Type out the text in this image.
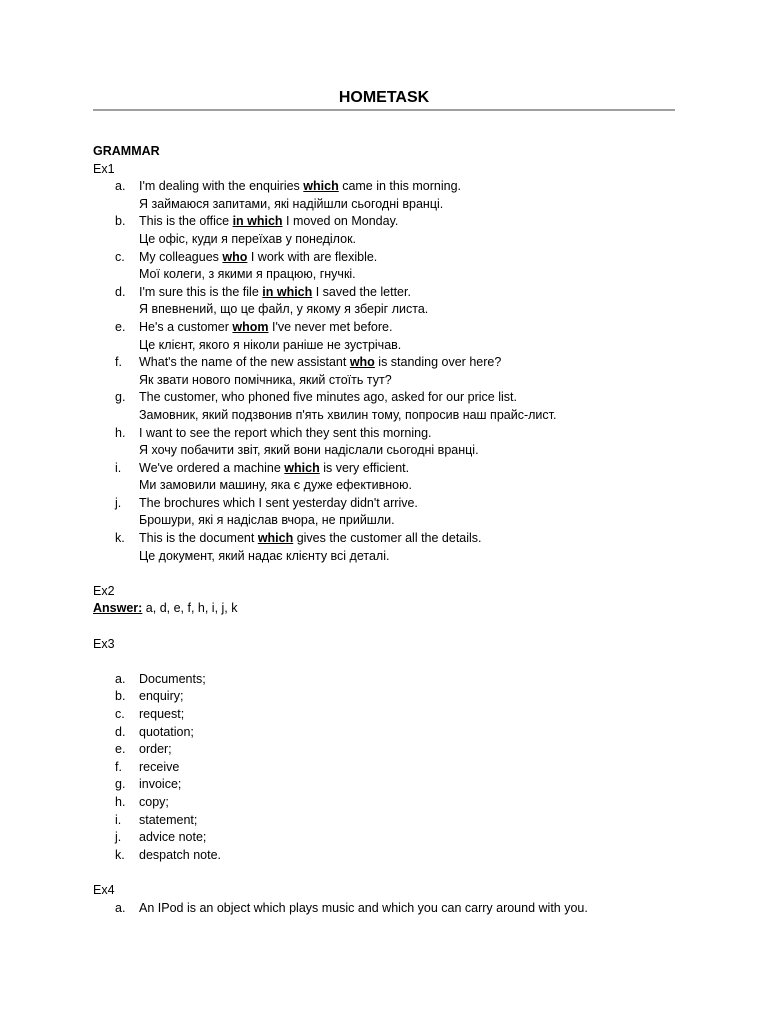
HOMETASK
GRAMMAR
Ex1
a. I'm dealing with the enquiries which came in this morning.
Я займаюся запитами, які надійшли сьогодні вранці.
b. This is the office in which I moved on Monday.
Це офіс, куди я переїхав у понеділок.
c. My colleagues who I work with are flexible.
Мої колеги, з якими я працюю, гнучкі.
d. I'm sure this is the file in which I saved the letter.
Я впевнений, що це файл, у якому я зберіг листа.
e. He's a customer whom I've never met before.
Це клієнт, якого я ніколи раніше не зустрічав.
f. What's the name of the new assistant who is standing over here?
Як звати нового помічника, який стоїть тут?
g. The customer, who phoned five minutes ago, asked for our price list.
Замовник, який подзвонив п'ять хвилин тому, попросив наш прайс-лист.
h. I want to see the report which they sent this morning.
Я хочу побачити звіт, який вони надіслали сьогодні вранці.
i. We've ordered a machine which is very efficient.
Ми замовили машину, яка є дуже ефективною.
j. The brochures which I sent yesterday didn't arrive.
Брошури, які я надіслав вчора, не прийшли.
k. This is the document which gives the customer all the details.
Це документ, який надає клієнту всі деталі.
Ex2
Answer: a, d, e, f, h, i, j, k
Ex3
a. Documents;
b. enquiry;
c. request;
d. quotation;
e. order;
f. receive
g. invoice;
h. copy;
i. statement;
j. advice note;
k. despatch note.
Ex4
a. An IPod is an object which plays music and which you can carry around with you.
